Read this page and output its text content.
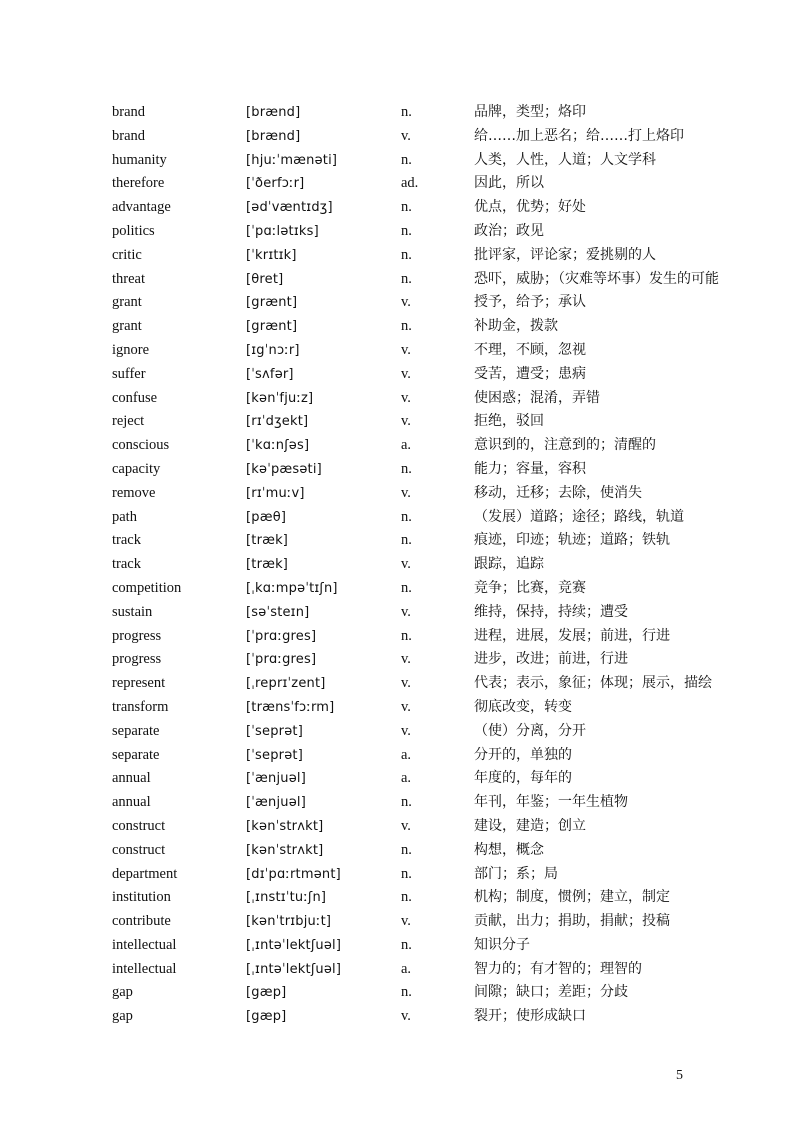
brand	[brænd]	n.	品牌，类型；烙印
brand	[brænd]	v.	给……加上恶名；给……打上烙印
humanity	[hjuːˈmænəti]	n.	人类，人性，人道；人文学科
therefore	[ˈðerfɔːr]	ad.	因此，所以
advantage	[ədˈvæntɪdʒ]	n.	优点，优势；好处
politics	[ˈpɑːlətɪks]	n.	政治；政见
critic	[ˈkrɪtɪk]	n.	批评家，评论家；爱挑剔的人
threat	[θret]	n.	恐吓，威胁；（灾难等坏事）发生的可能
grant	[grænt]	v.	授予，给予；承认
grant	[grænt]	n.	补助金，拨款
ignore	[ɪgˈnɔːr]	v.	不理，不顾，忽视
suffer	[ˈsʌfər]	v.	受苦，遭受；患病
confuse	[kənˈfjuːz]	v.	使困惑；混淆，弄错
reject	[rɪˈdʒekt]	v.	拒绝，驳回
conscious	[ˈkɑːnʃəs]	a.	意识到的，注意到的；清醒的
capacity	[kəˈpæsəti]	n.	能力；容量，容积
remove	[rɪˈmuːv]	v.	移动，迁移；去除，使消失
path	[pæθ]	n.	（发展）道路；途径；路线，轨道
track	[træk]	n.	痕迹，印迹；轨迹；道路；铁轨
track	[træk]	v.	跟踪，追踪
competition	[ˌkɑːmpəˈtɪʃn]	n.	竞争；比赛，竞赛
sustain	[səˈsteɪn]	v.	维持，保持，持续；遭受
progress	[ˈprɑːgres]	n.	进程，进展，发展；前进，行进
progress	[ˈprɑːgres]	v.	进步，改进；前进，行进
represent	[ˌreprɪˈzent]	v.	代表；表示，象征；体现；展示，描绘
transform	[trænsˈfɔːrm]	v.	彻底改变，转变
separate	[ˈseprət]	v.	（使）分离，分开
separate	[ˈseprət]	a.	分开的，单独的
annual	[ˈænjuəl]	a.	年度的，每年的
annual	[ˈænjuəl]	n.	年刊，年鉴；一年生植物
construct	[kənˈstrʌkt]	v.	建设，建造；创立
construct	[kənˈstrʌkt]	n.	构想，概念
department	[dɪˈpɑːrtmənt]	n.	部门；系；局
institution	[ˌɪnstɪˈtuːʃn]	n.	机构；制度，惯例；建立，制定
contribute	[kənˈtrɪbjuːt]	v.	贡献，出力；捐助，捐献；投稿
intellectual	[ˌɪntəˈlektʃuəl]	n.	知识分子
intellectual	[ˌɪntəˈlektʃuəl]	a.	智力的；有才智的；理智的
gap	[gæp]	n.	间隙；缺口；差距；分歧
gap	[gæp]	v.	裂开；使形成缺口
5
